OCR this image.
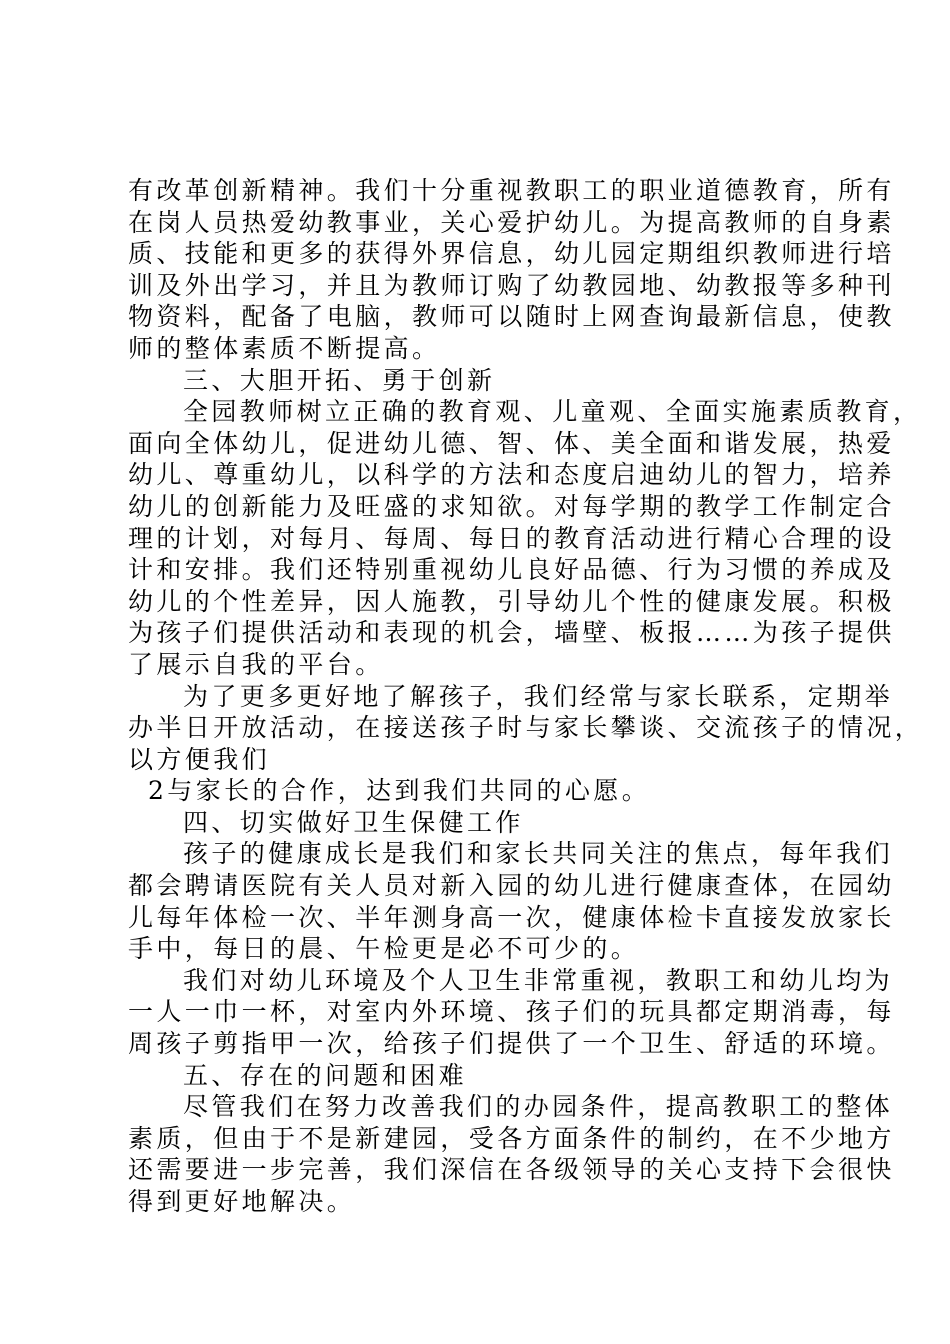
有改革创新精神。我们十分重视教职工的职业道德教育，所有
在岗人员热爱幼教事业，关心爱护幼儿。为提高教师的自身素
质、技能和更多的获得外界信息，幼儿园定期组织教师进行培
训及外出学习，并且为教师订购了幼教园地、幼教报等多种刊
物资料，配备了电脑，教师可以随时上网查询最新信息，使教
师的整体素质不断提高。
三、大胆开拓、勇于创新
全园教师树立正确的教育观、儿童观、全面实施素质教育，
面向全体幼儿，促进幼儿德、智、体、美全面和谐发展，热爱
幼儿、尊重幼儿，以科学的方法和态度启迪幼儿的智力，培养
幼儿的创新能力及旺盛的求知欲。对每学期的教学工作制定合
理的计划，对每月、每周、每日的教育活动进行精心合理的设
计和安排。我们还特别重视幼儿良好品德、行为习惯的养成及
幼儿的个性差异，因人施教，引导幼儿个性的健康发展。积极
为孩子们提供活动和表现的机会，墙壁、板报……为孩子提供
了展示自我的平台。
为了更多更好地了解孩子，我们经常与家长联系，定期举
办半日开放活动，在接送孩子时与家长攀谈、交流孩子的情况，
以方便我们
2与家长的合作，达到我们共同的心愿。
四、切实做好卫生保健工作
孩子的健康成长是我们和家长共同关注的焦点，每年我们
都会聘请医院有关人员对新入园的幼儿进行健康查体，在园幼
儿每年体检一次、半年测身高一次，健康体检卡直接发放家长
手中，每日的晨、午检更是必不可少的。
我们对幼儿环境及个人卫生非常重视，教职工和幼儿均为
一人一巾一杯，对室内外环境、孩子们的玩具都定期消毒，每
周孩子剪指甲一次，给孩子们提供了一个卫生、舒适的环境。
五、存在的问题和困难
尽管我们在努力改善我们的办园条件，提高教职工的整体
素质，但由于不是新建园，受各方面条件的制约，在不少地方
还需要进一步完善，我们深信在各级领导的关心支持下会很快
得到更好地解决。
